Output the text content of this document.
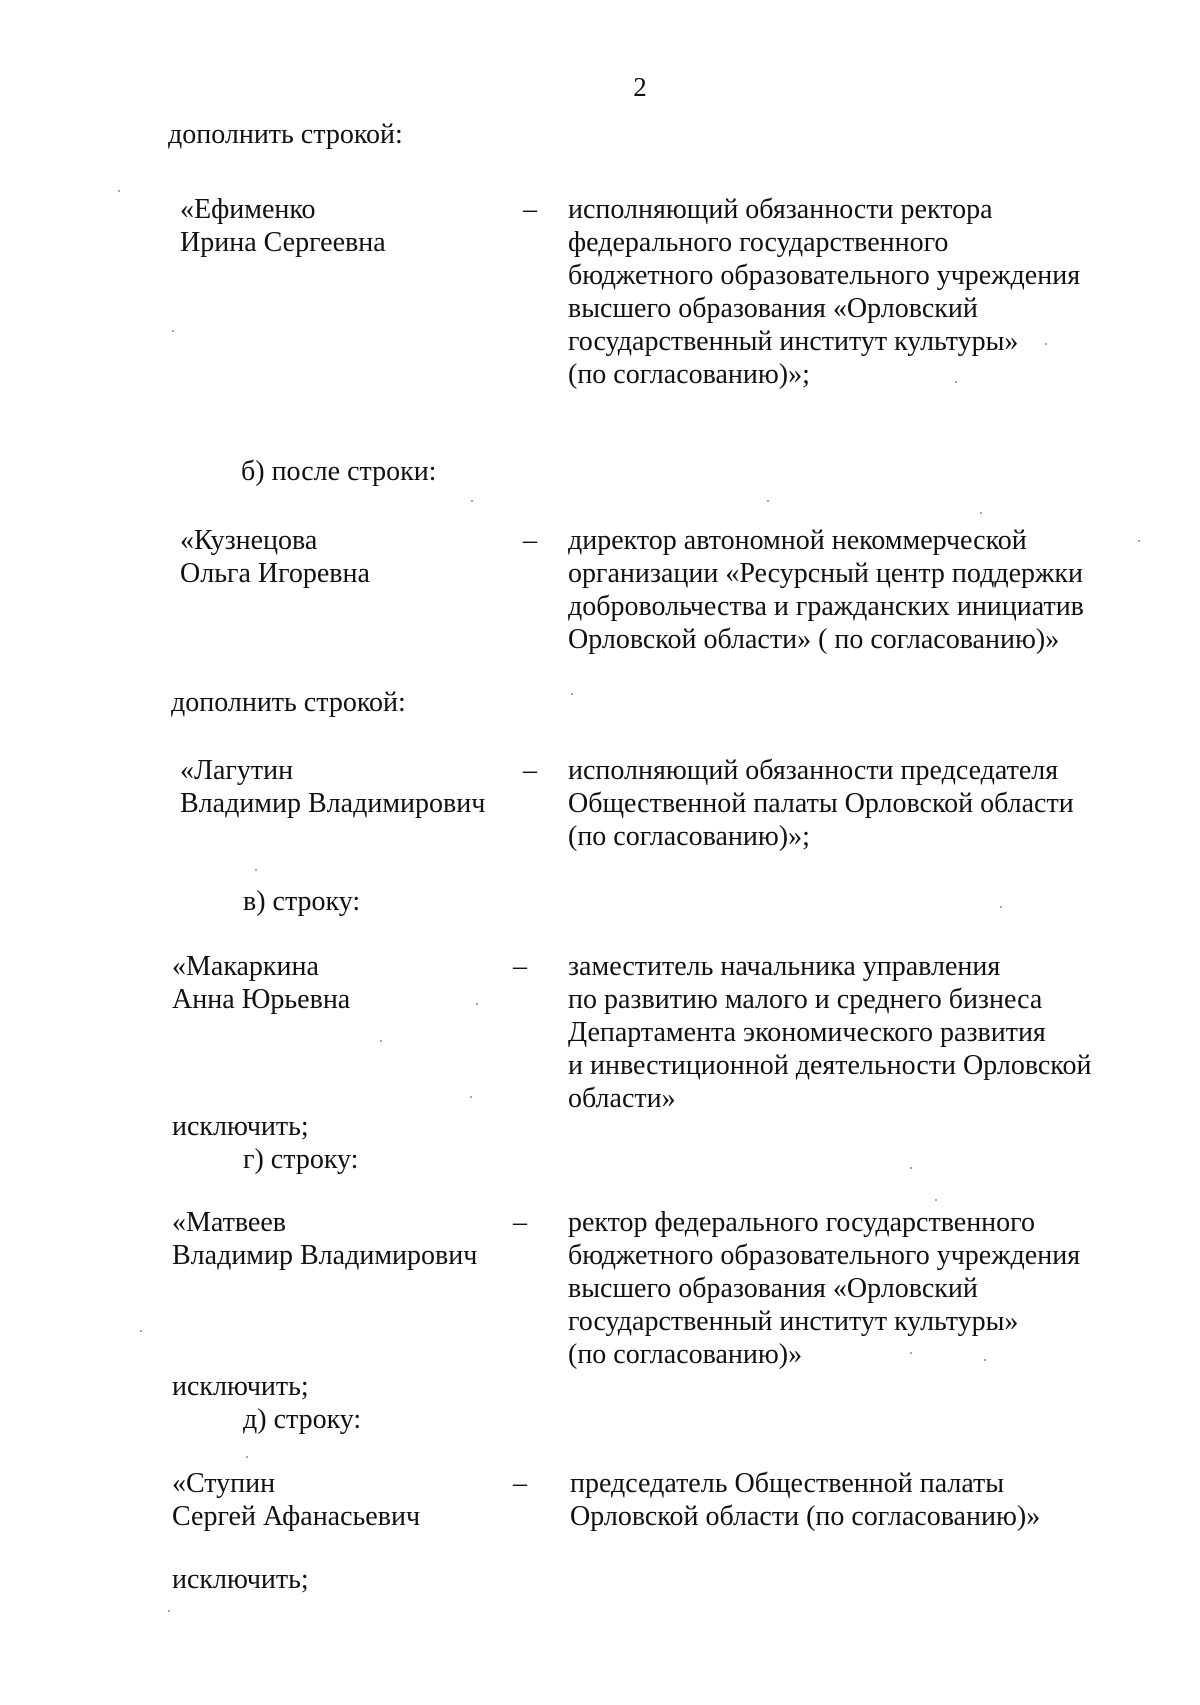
2

дополнить строкой:

«Ефименко

Ирина Сергеевна

– исполняющий обязанности ректора
федерального государственного
бюджетного образовательного учреждения
высшего образования «Орловский
государственный институт культуры»
(по согласованию)»;

б) после строки:

«Кузнецова

Ольга Игоревна

– директор автономной некоммерческой
организации «Ресурсный центр поддержки
добровольчества и гражданских инициатив
Орловской области» ( по согласованию)»

дополнить строкой:

«Лагутин

Владимир Владимирович

– исполняющий обязанности председателя
Общественной палаты Орловской области
(по согласованию)»;

в) строку:

«Макаркина

Анна Юрьевна

– заместитель начальника управления
по развитию малого и среднего бизнеса
Департамента экономического развития
и инвестиционной деятельности Орловской
области»

исключить;

г) строку:

«Матвеев

Владимир Владимирович

– ректор федерального государственного
бюджетного образовательного учреждения
высшего образования «Орловский
государственный институт культуры»
(по согласованию)»

исключить;

д) строку:

«Ступин

Сергей Афанасьевич

– председатель Общественной палаты
Орловской области (по согласованию)»

исключить;
